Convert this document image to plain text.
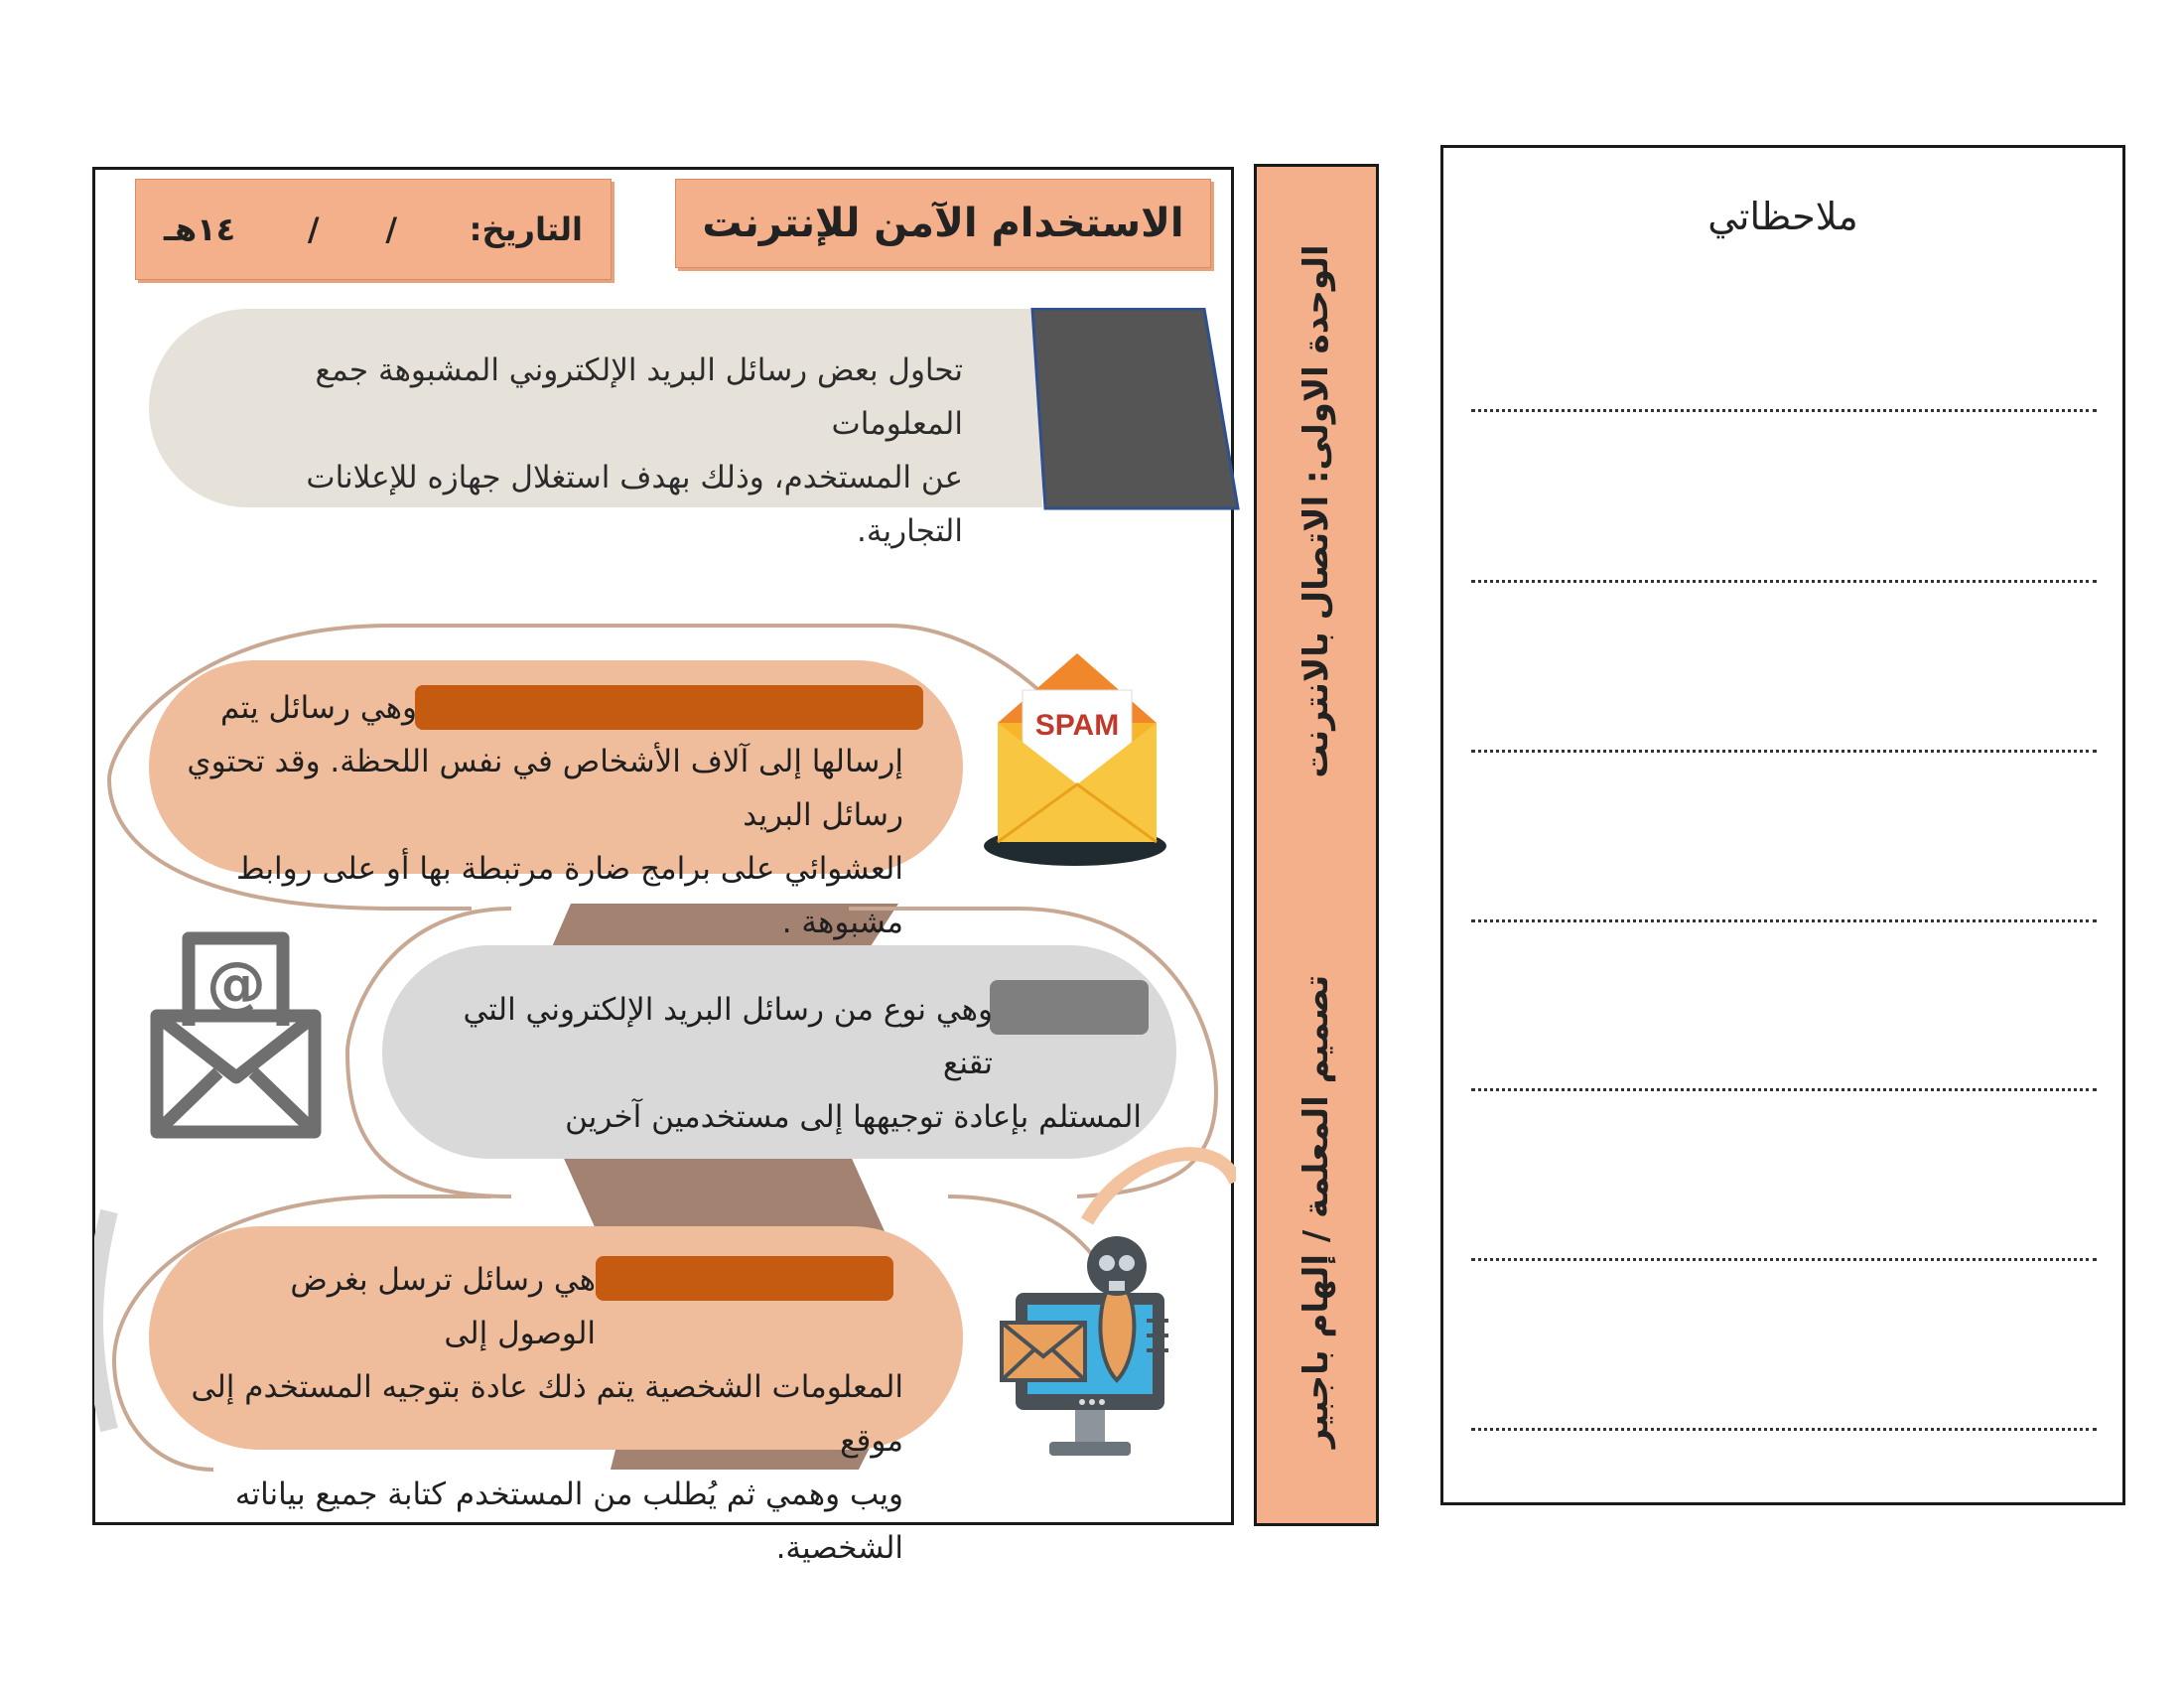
الاستخدام الآمن للإنترنت
التاريخ:
/      /
١٤هـ
تحاول بعض رسائل البريد الإلكتروني المشبوهة جمع المعلومات
عن المستخدم، وذلك بهدف استغلال جهازه للإعلانات التجارية.
وهي رسائل يتم
إرسالها إلى آلاف الأشخاص في نفس اللحظة. وقد تحتوي رسائل البريد
العشوائي على برامج ضارة مرتبطة بها أو على روابط مشبوهة .
SPAM
وهي نوع من رسائل البريد الإلكتروني التي تقنع
المستلم بإعادة توجيهها إلى مستخدمين آخرين
@
هي رسائل ترسل بغرض الوصول إلى
المعلومات الشخصية يتم ذلك عادة بتوجيه المستخدم إلى موقع
ويب وهمي ثم يُطلب من المستخدم كتابة جميع بياناته الشخصية.
الوحدة الاولى: الاتصال بالانترنت
تصميم المعلمة / إلهام باجبير
ملاحظاتي
